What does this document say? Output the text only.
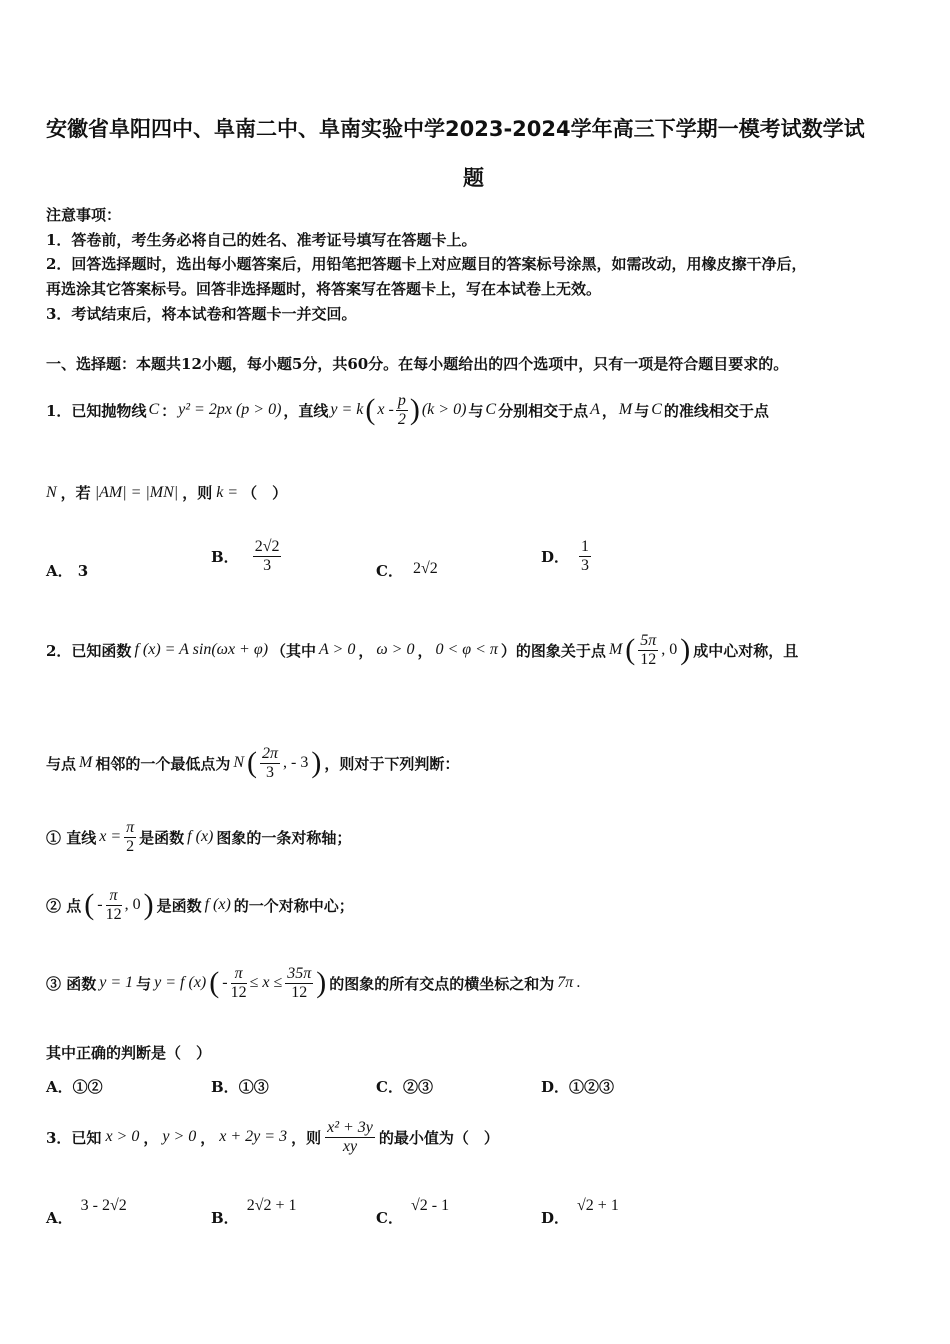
安徽省阜阳四中、阜南二中、阜南实验中学2023-2024学年高三下学期一模考试数学试
题
注意事项：
1．答卷前，考生务必将自己的姓名、准考证号填写在答题卡上。
2．回答选择题时，选出每小题答案后，用铅笔把答题卡上对应题目的答案标号涂黑，如需改动，用橡皮擦干净后，
再选涂其它答案标号。回答非选择题时，将答案写在答题卡上，写在本试卷上无效。
3．考试结束后，将本试卷和答题卡一并交回。
一、选择题：本题共12小题，每小题5分，共60分。在每小题给出的四个选项中，只有一项是符合题目要求的。
1．已知抛物线 C ： y² = 2px (p > 0) ，直线 y = k ( x - $\frac{p}{2}$ ) (k > 0) 与 C 分别相交于点 A ， M 与 C 的准线相交于点
N ，若 |AM| = |MN| ，则 k = （　）
A． 3
B． $\frac{2√2}{3}$	C． 2√2
D． $\frac{1}{3}$
2．已知函数 f (x) = A sin(ωx + φ) （其中 A > 0 ， ω > 0 ， 0 < φ < π ）的图象关于点 M ( $\frac{5\pi}{12}$ , 0 ) 成中心对称，且
与点 M 相邻的一个最低点为 N ( $\frac{2\pi}{3}$ , - 3 ) ，则对于下列判断：
① 直线 $x = \frac{\pi}{2}$ 是函数 f (x) 图象的一条对称轴；
② 点 ( - $\frac{\pi}{12}$ , 0 ) 是函数 f (x) 的一个对称中心；
③ 函数 y = 1 与 y = f (x) ( - $\frac{\pi}{12} \le x \le \frac{35\pi}{12}$ ) 的图象的所有交点的横坐标之和为 7π .
其中正确的判断是（　）
A．①②	B．①③	C．②③	D．①②③
3．已知 x > 0 ， y > 0 ， x + 2y = 3 ，则 $\frac{\text{x² + 3y}}{xy}$ 的最小值为（　）
A．
3 - 2√2
B．
2√2 + 1
C．
√2 - 1
D．
√2 + 1
